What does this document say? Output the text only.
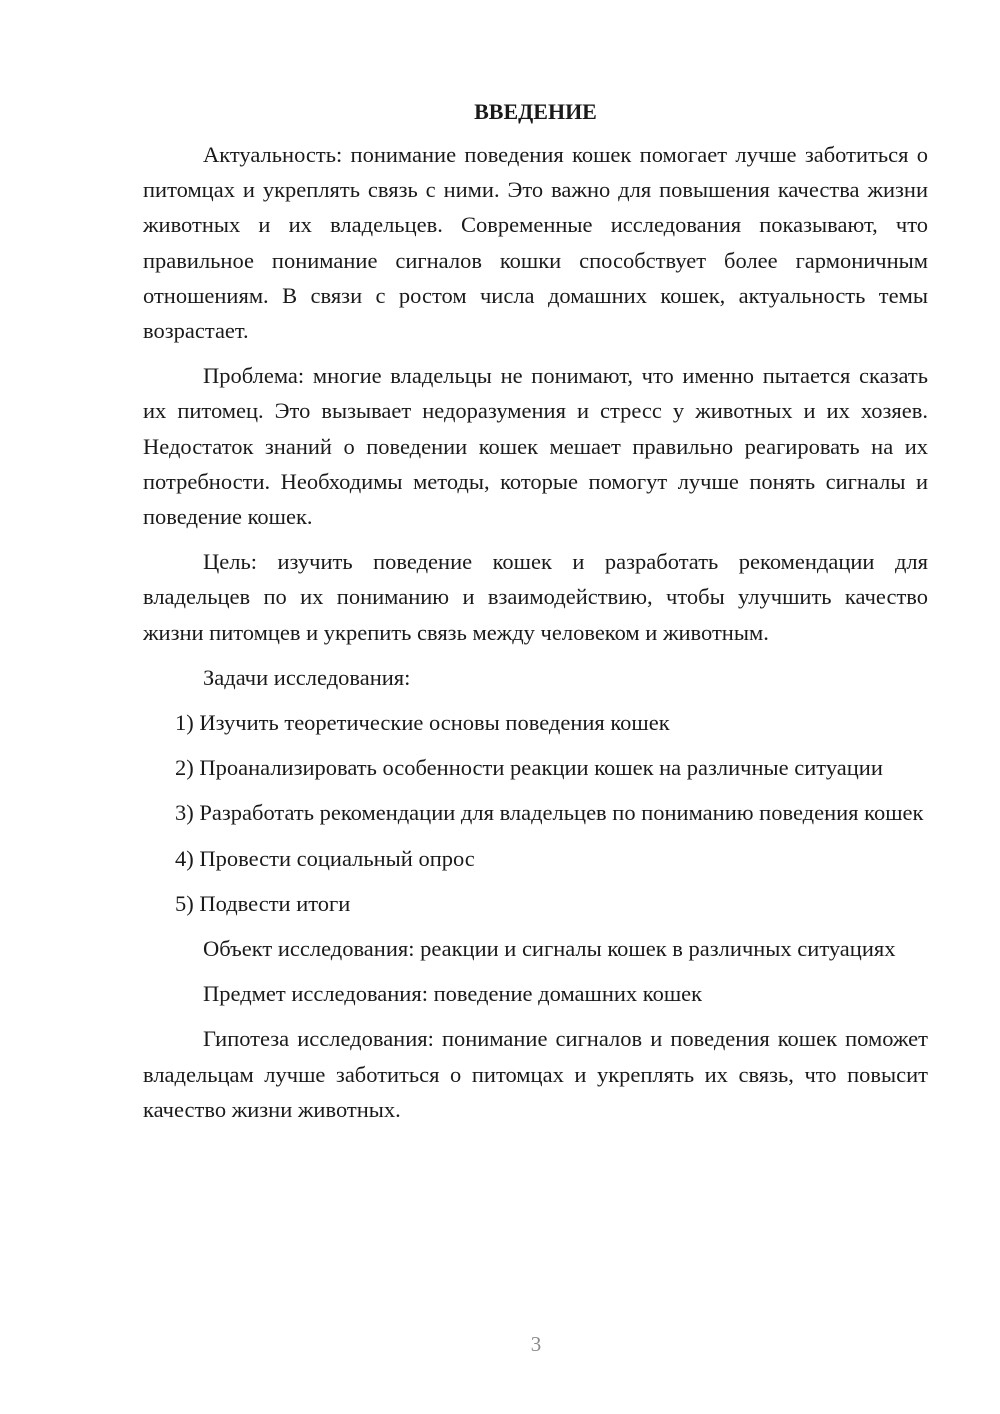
ВВЕДЕНИЕ

Актуальность: понимание поведения кошек помогает лучше заботиться о питомцах и укреплять связь с ними. Это важно для повышения качества жизни животных и их владельцев. Современные исследования показывают, что правильное понимание сигналов кошки способствует более гармоничным отношениям. В связи с ростом числа домашних кошек, актуальность темы возрастает.

Проблема: многие владельцы не понимают, что именно пытается сказать их питомец. Это вызывает недоразумения и стресс у животных и их хозяев. Недостаток знаний о поведении кошек мешает правильно реагировать на их потребности. Необходимы методы, которые помогут лучше понять сигналы и поведение кошек.

Цель: изучить поведение кошек и разработать рекомендации для владельцев по их пониманию и взаимодействию, чтобы улучшить качество жизни питомцев и укрепить связь между человеком и животным.

Задачи исследования:

1) Изучить теоретические основы поведения кошек

2) Проанализировать особенности реакции кошек на различные ситуации

3) Разработать рекомендации для владельцев по пониманию поведения кошек

4) Провести социальный опрос

5) Подвести итоги

Объект исследования: реакции и сигналы кошек в различных ситуациях

Предмет исследования: поведение домашних кошек

Гипотеза исследования: понимание сигналов и поведения кошек поможет владельцам лучше заботиться о питомцах и укреплять их связь, что повысит качество жизни животных.

3
